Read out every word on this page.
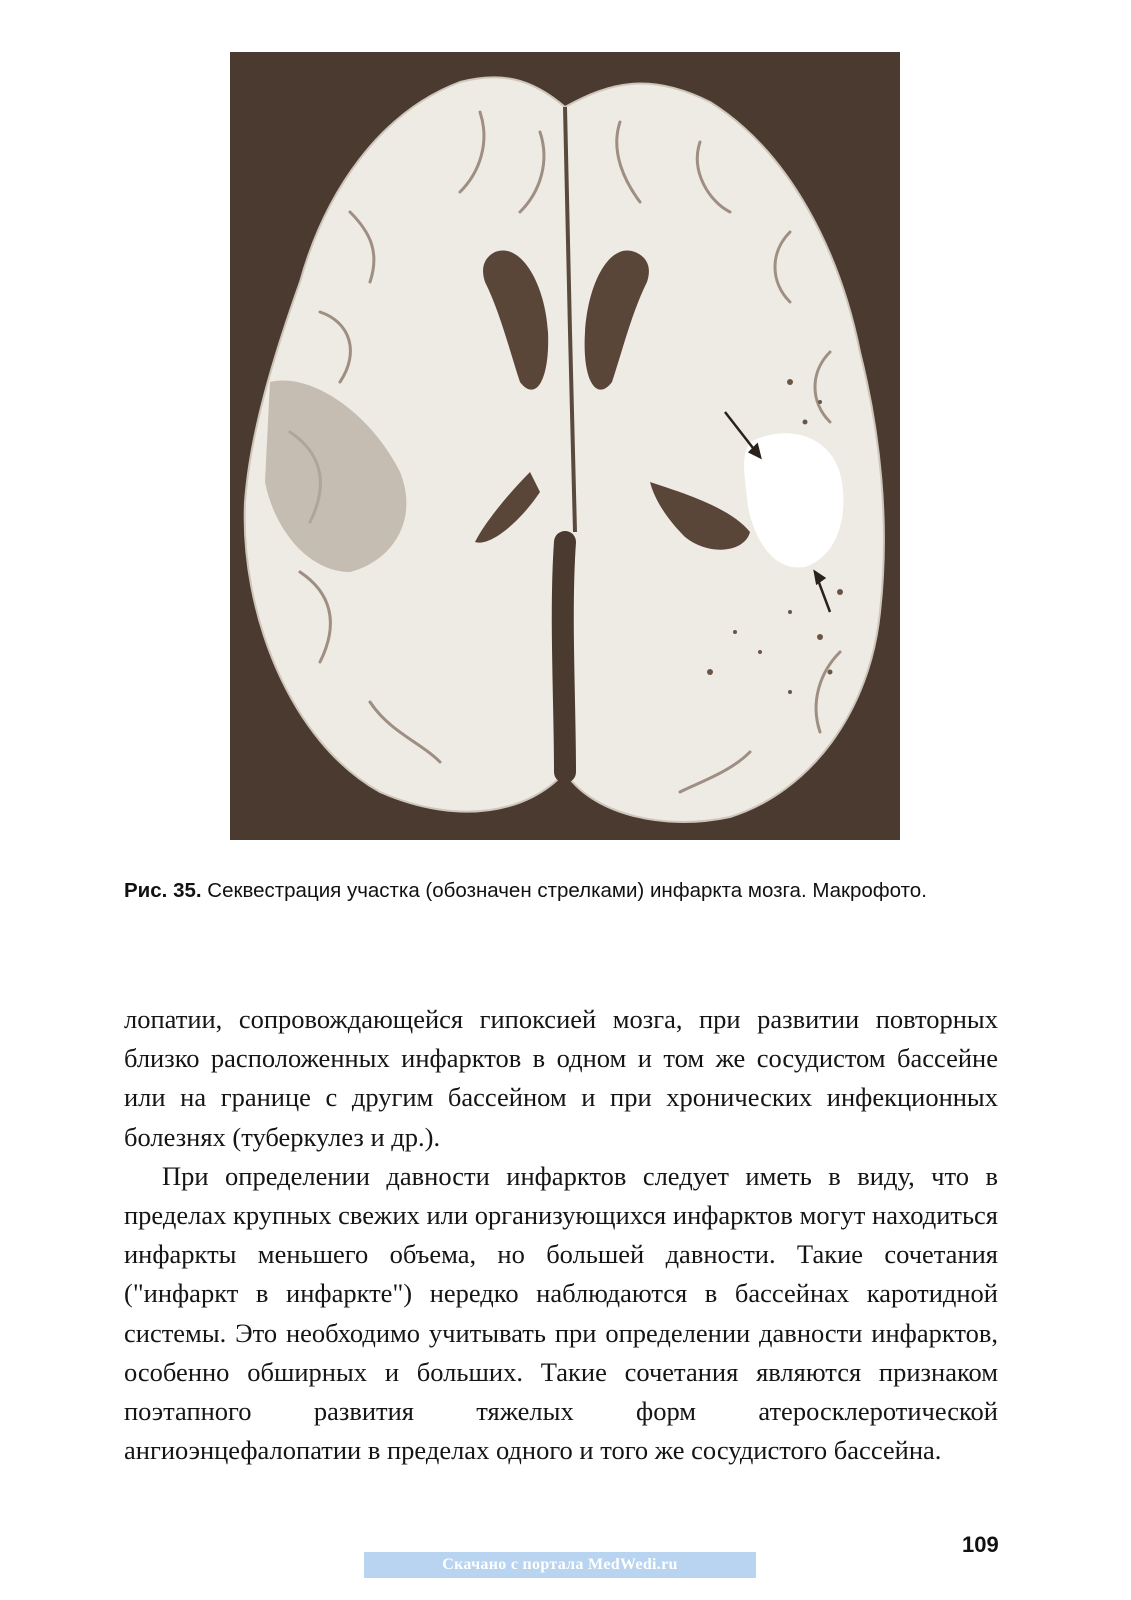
Рис. 35. Секвестрация участка (обозначен стрелками) инфаркта мозга. Макрофото.

лопатии, сопровождающейся гипоксией мозга, при развитии повторных близко расположенных инфарктов в одном и том же сосудистом бассейне или на границе с другим бассейном и при хронических инфекционных болезнях (туберкулез и др.).

При определении давности инфарктов следует иметь в виду, что в пределах крупных свежих или организующихся инфарктов могут находиться инфаркты меньшего объема, но большей давности. Такие сочетания ("инфаркт в инфаркте") нередко наблюдаются в бассейнах каротидной системы. Это необходимо учитывать при определении давности инфарктов, особенно обширных и больших. Такие сочетания являются признаком поэтапного развития тяжелых форм атеросклеротической ангиоэнцефалопатии в пределах одного и того же сосудистого бассейна.

109
Скачано с портала MedWedi.ru
